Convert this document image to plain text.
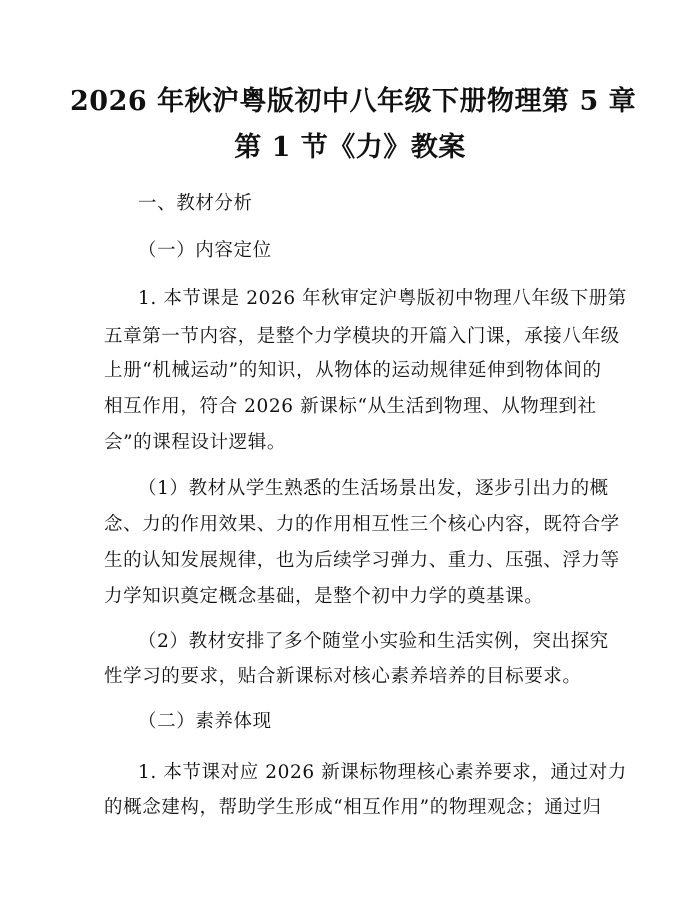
2026 年秋沪粤版初中八年级下册物理第 5 章
第 1 节《力》教案
一、教材分析
（一）内容定位
1. 本节课是 2026 年秋审定沪粤版初中物理八年级下册第
五章第一节内容，是整个力学模块的开篇入门课，承接八年级
上册“机械运动”的知识，从物体的运动规律延伸到物体间的
相互作用，符合 2026 新课标“从生活到物理、从物理到社
会”的课程设计逻辑。
（1）教材从学生熟悉的生活场景出发，逐步引出力的概
念、力的作用效果、力的作用相互性三个核心内容，既符合学
生的认知发展规律，也为后续学习弹力、重力、压强、浮力等
力学知识奠定概念基础，是整个初中力学的奠基课。
（2）教材安排了多个随堂小实验和生活实例，突出探究
性学习的要求，贴合新课标对核心素养培养的目标要求。
（二）素养体现
1. 本节课对应 2026 新课标物理核心素养要求，通过对力
的概念建构，帮助学生形成“相互作用”的物理观念；通过归
